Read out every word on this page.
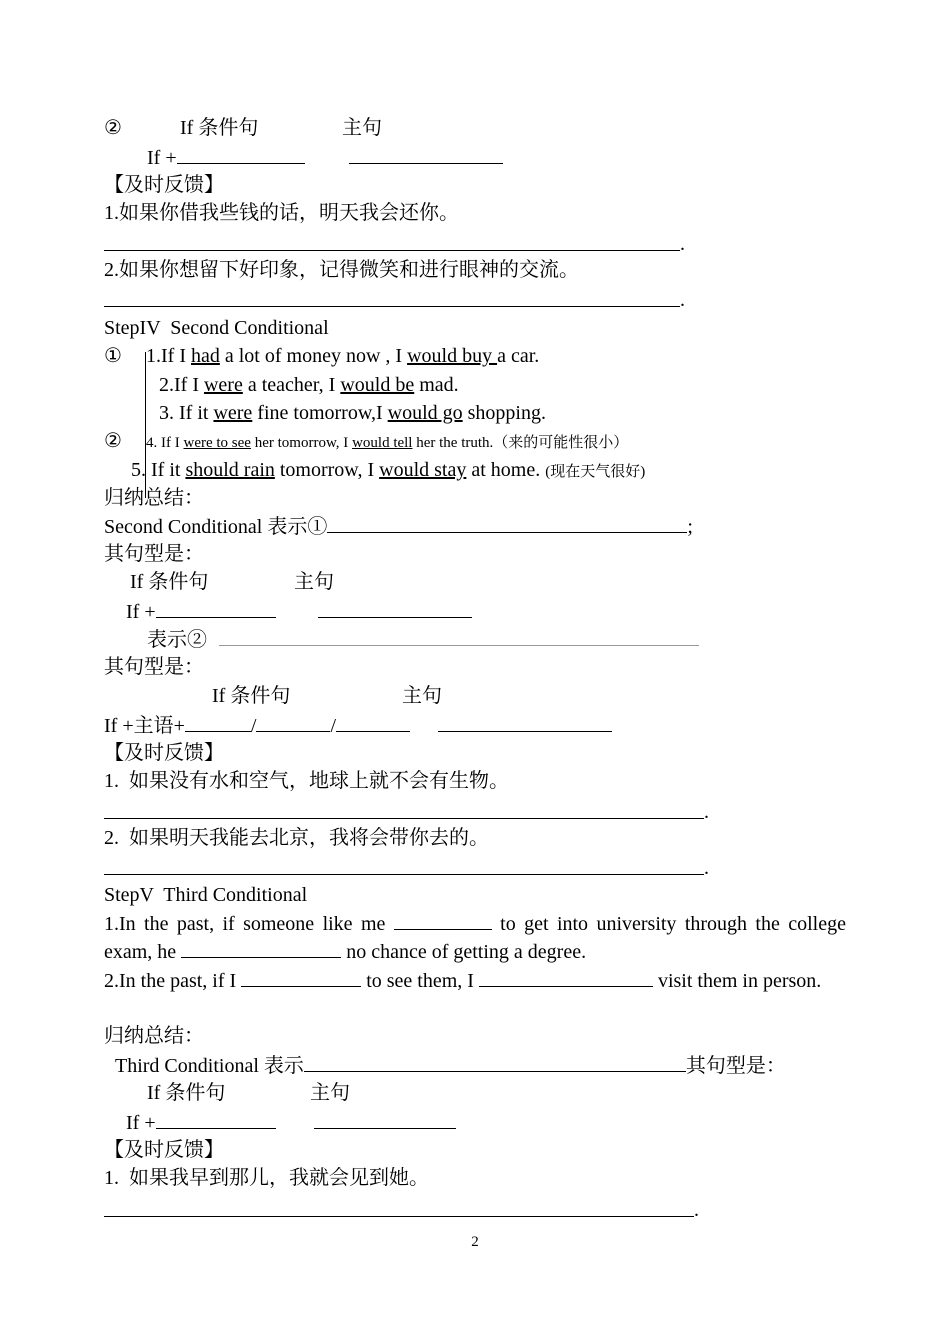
②	If 条件句	主句
If +
【及时反馈】
1.如果你借我些钱的话，明天我会还你。
.
2.如果你想留下好印象，记得微笑和进行眼神的交流。
.
StepIV  Second Conditional
① 1.If I had a lot of money now , I would buy a car.
2.If I were a teacher, I would be mad.
3. If it were fine tomorrow,I would go shopping.
② 4. If I were to see her tomorrow, I would tell her the truth.（来的可能性很小）
5. If it should rain tomorrow, I would stay at home. (现在天气很好)
归纳总结：
Second Conditional 表示①	;
其句型是：
If 条件句	主句
If +
表示②
其句型是：
If 条件句	主句
If +主语+	/	/
【及时反馈】
1.  如果没有水和空气，地球上就不会有生物。
.
2.  如果明天我能去北京，我将会带你去的。
.
StepV  Third Conditional
1.In the past, if someone like me	to get into university through the college exam, he	no chance of getting a degree.
2.In the past, if I	to see them, I	visit them in person.
归纳总结：
Third Conditional 表示	其句型是：
If 条件句	主句
If +
【及时反馈】
1.  如果我早到那儿，我就会见到她。
.
2
